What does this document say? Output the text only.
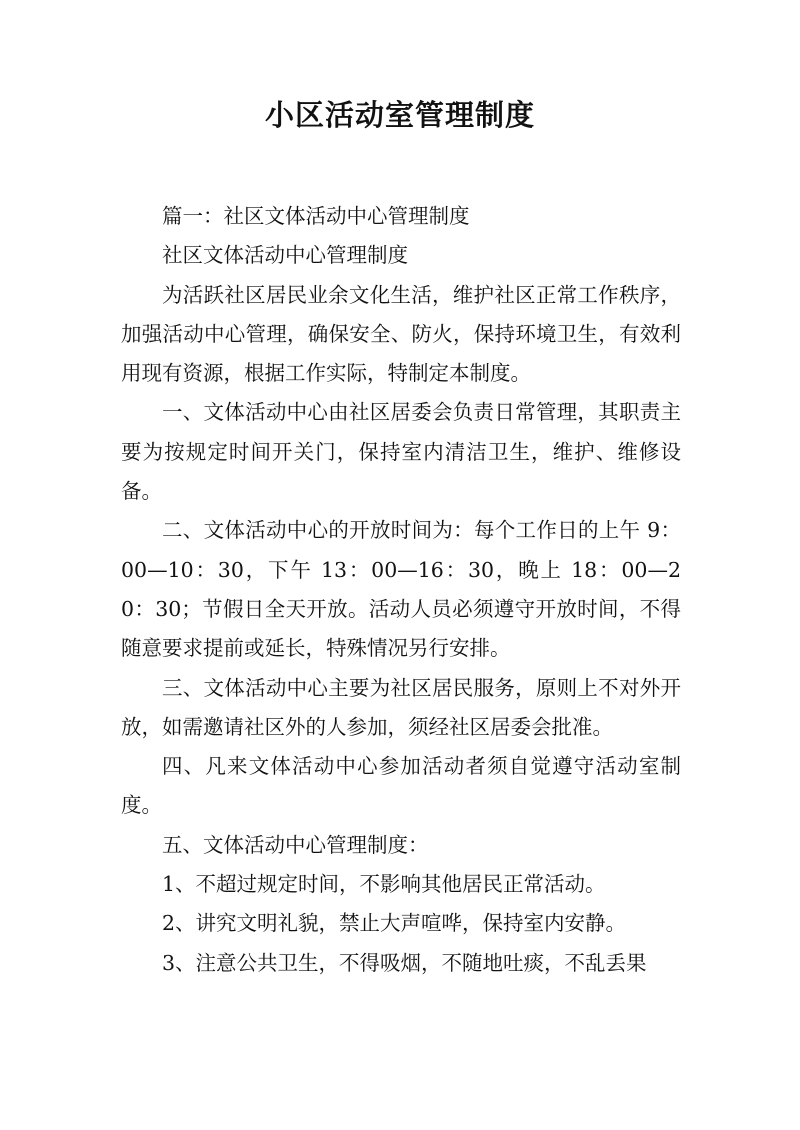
小区活动室管理制度

篇一：社区文体活动中心管理制度

社区文体活动中心管理制度

为活跃社区居民业余文化生活，维护社区正常工作秩序，加强活动中心管理，确保安全、防火，保持环境卫生，有效利用现有资源，根据工作实际，特制定本制度。

一、文体活动中心由社区居委会负责日常管理，其职责主要为按规定时间开关门，保持室内清洁卫生，维护、维修设备。

二、文体活动中心的开放时间为：每个工作日的上午 9：00—10：30，下午 13：00—16：30，晚上 18：00—20：30；节假日全天开放。活动人员必须遵守开放时间，不得随意要求提前或延长，特殊情况另行安排。

三、文体活动中心主要为社区居民服务，原则上不对外开放，如需邀请社区外的人参加，须经社区居委会批准。

四、凡来文体活动中心参加活动者须自觉遵守活动室制度。

五、文体活动中心管理制度：

1、不超过规定时间，不影响其他居民正常活动。

2、讲究文明礼貌，禁止大声喧哗，保持室内安静。

3、注意公共卫生，不得吸烟，不随地吐痰，不乱丢果
